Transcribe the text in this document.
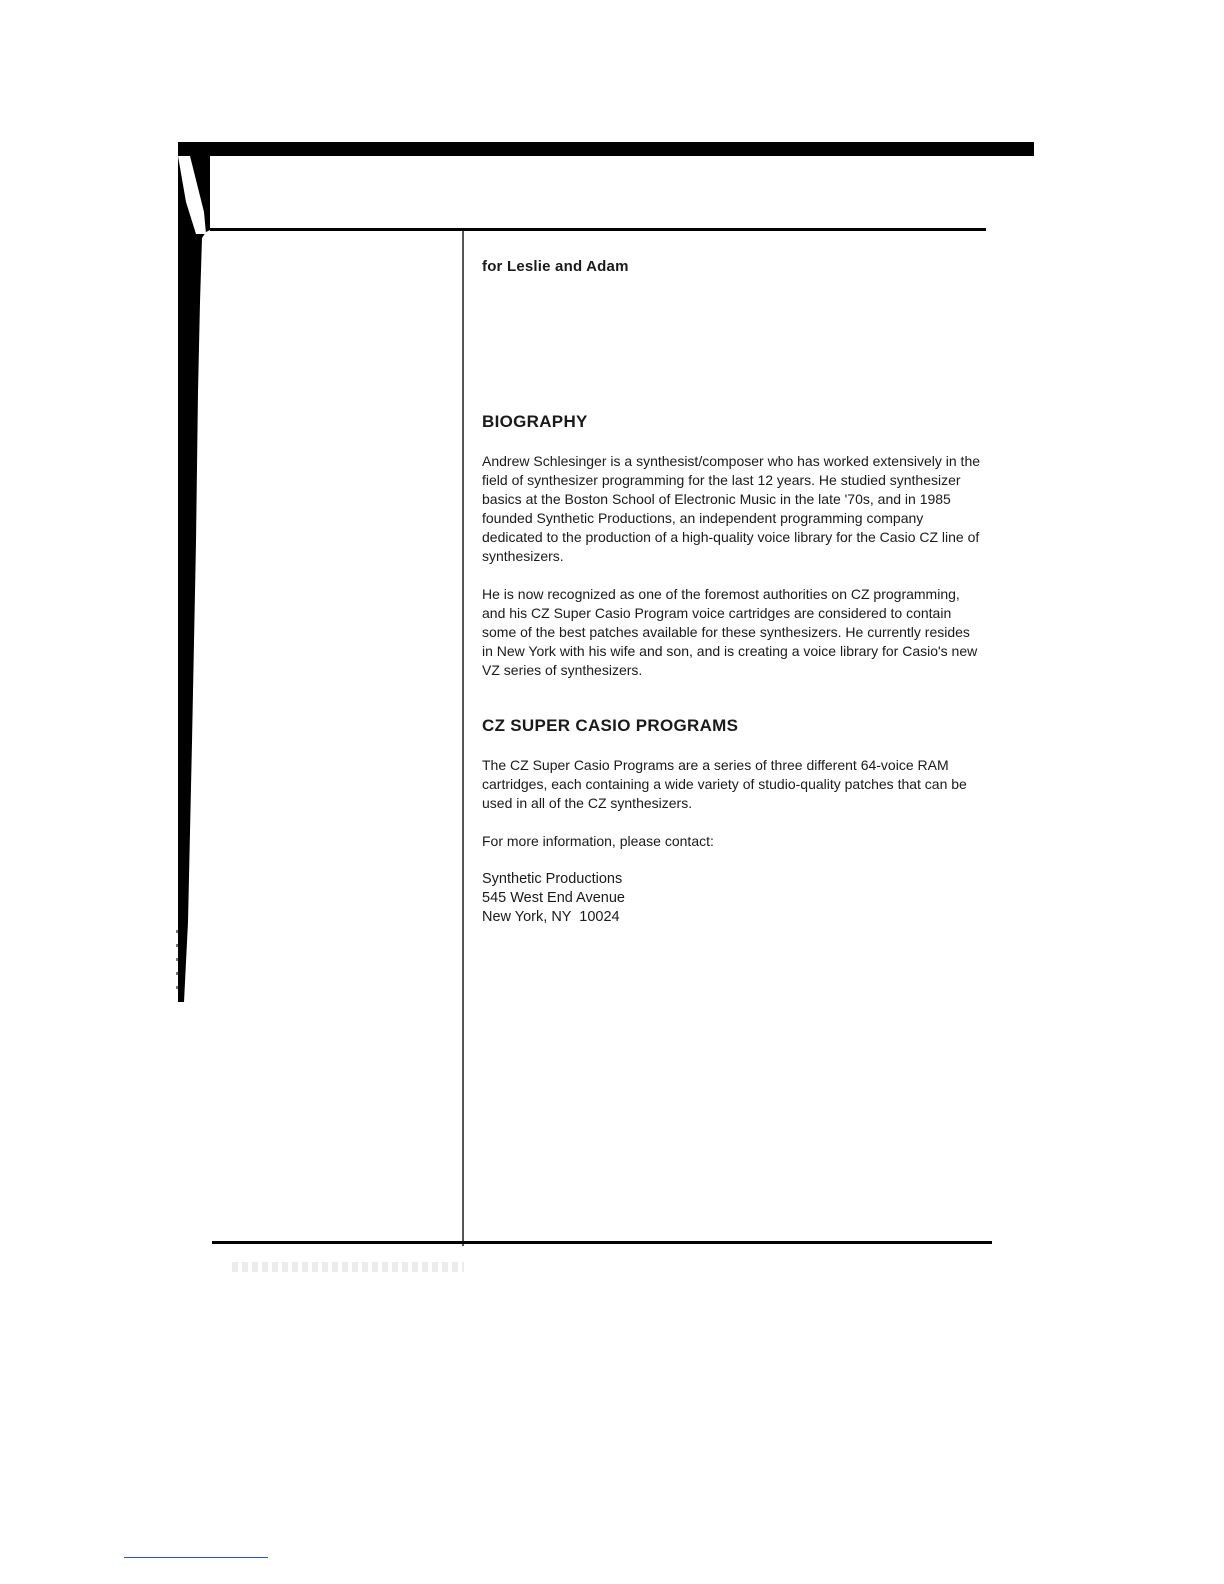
for Leslie and Adam

BIOGRAPHY

Andrew Schlesinger is a synthesist/composer who has worked extensively in the field of synthesizer programming for the last 12 years. He studied synthesizer basics at the Boston School of Electronic Music in the late '70s, and in 1985 founded Synthetic Productions, an independent programming company dedicated to the production of a high-quality voice library for the Casio CZ line of synthesizers.

He is now recognized as one of the foremost authorities on CZ programming, and his CZ Super Casio Program voice cartridges are considered to contain some of the best patches available for these synthesizers. He currently resides in New York with his wife and son, and is creating a voice library for Casio's new VZ series of synthesizers.

CZ SUPER CASIO PROGRAMS

The CZ Super Casio Programs are a series of three different 64-voice RAM cartridges, each containing a wide variety of studio-quality patches that can be used in all of the CZ synthesizers.

For more information, please contact:

Synthetic Productions
545 West End Avenue
New York, NY  10024
